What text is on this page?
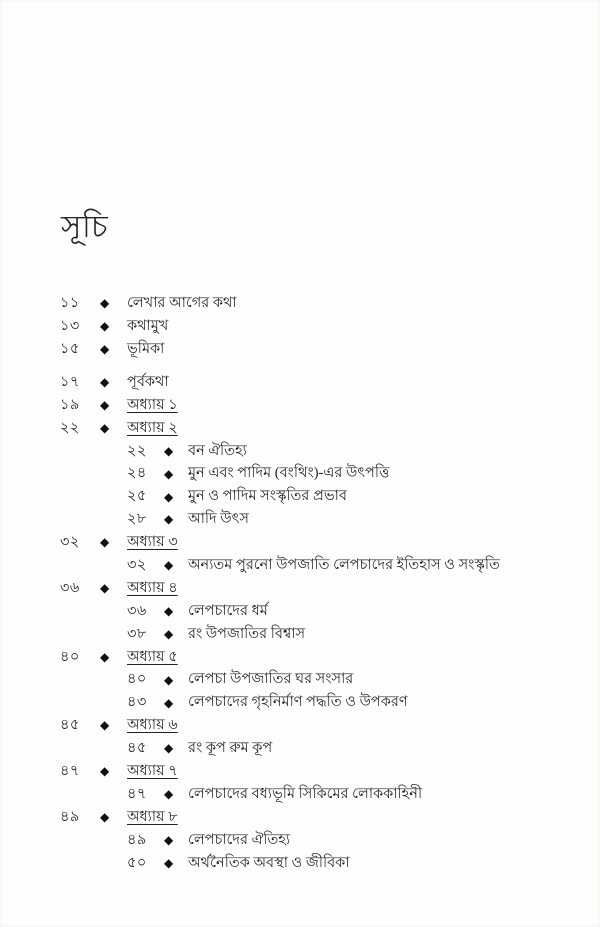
সূচি
১১	◆	লেখার আগের কথা
১৩	◆	কথামুখ
১৫	◆	ভূমিকা
১৭	◆	পূর্বকথা
১৯	◆	অধ্যায় ১
২২	◆	অধ্যায় ২
২২	◆	বন ঐতিহ্য
২৪	◆	মুন এবং পাদিম (বংথিং)-এর উৎপত্তি
২৫	◆	মুন ও পাদিম সংস্কৃতির প্রভাব
২৮	◆	আদি উৎস
৩২	◆	অধ্যায় ৩
৩২	◆	অন্যতম পুরনো উপজাতি লেপচাদের ইতিহাস ও সংস্কৃতি
৩৬	◆	অধ্যায় ৪
৩৬	◆	লেপচাদের ধর্ম
৩৮	◆	রং উপজাতির বিশ্বাস
৪০	◆	অধ্যায় ৫
৪০	◆	লেপচা উপজাতির ঘর সংসার
৪৩	◆	লেপচাদের গৃহনির্মাণ পদ্ধতি ও উপকরণ
৪৫	◆	অধ্যায় ৬
৪৫	◆	রং কূপ রুম কূপ
৪৭	◆	অধ্যায় ৭
৪৭	◆	লেপচাদের বধ্যভূমি সিকিমের লোককাহিনী
৪৯	◆	অধ্যায় ৮
৪৯	◆	লেপচাদের ঐতিহ্য
৫০	◆	অর্থনৈতিক অবস্থা ও জীবিকা
